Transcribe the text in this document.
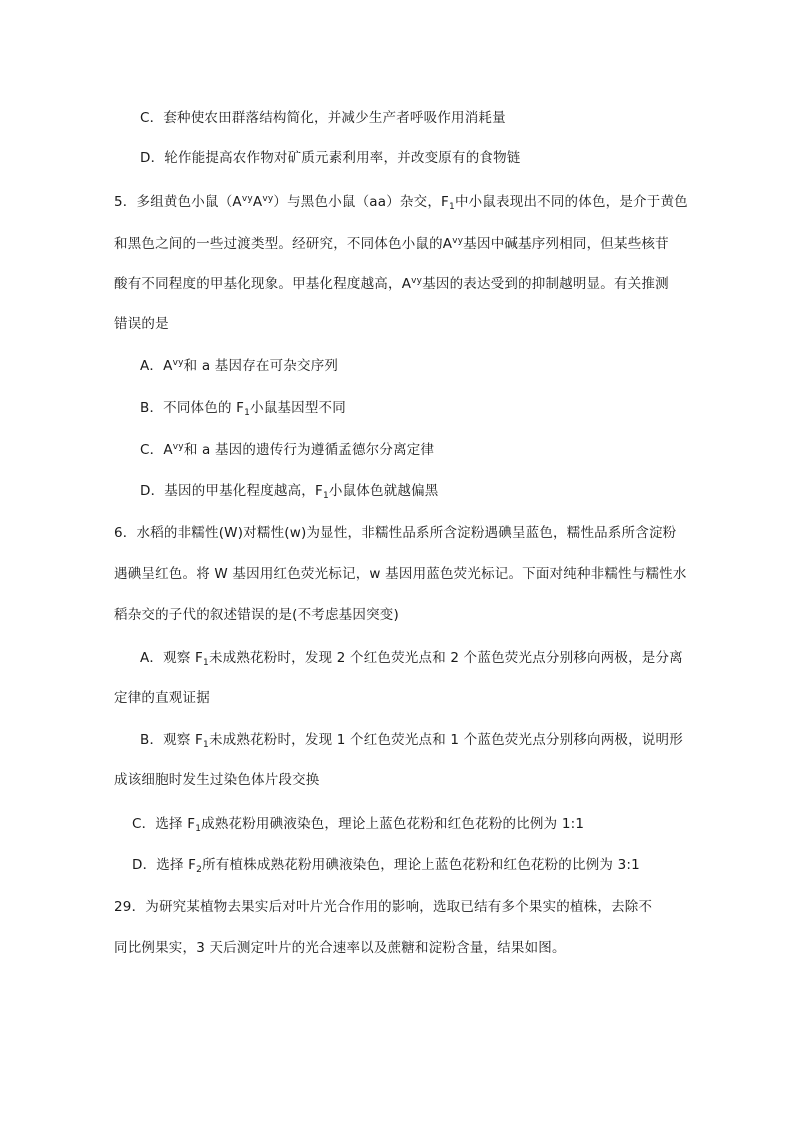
C．套种使农田群落结构简化，并减少生产者呼吸作用消耗量
D．轮作能提高农作物对矿质元素利用率，并改变原有的食物链
5．多组黄色小鼠$(A^{vy}A^{vy})$与黑色小鼠（aa）杂交，$F_1$中小鼠表现出不同的体色，是介于黄色
和黑色之间的一些过渡类型。经研究，不同体色小鼠的$A^{vy}$基因中碱基序列相同，但某些核苷
酸有不同程度的甲基化现象。甲基化程度越高，$A^{vy}$基因的表达受到的抑制越明显。有关推测
错误的是
A．$A^{vy}$和 a 基因存在可杂交序列
B．不同体色的 $F_1$小鼠基因型不同
C．$A^{vy}$和 a 基因的遗传行为遵循孟德尔分离定律
D．基因的甲基化程度越高，$F_1$小鼠体色就越偏黑
6．水稻的非糯性(W)对糯性(w)为显性，非糯性品系所含淀粉遇碘呈蓝色，糯性品系所含淀粉
遇碘呈红色。将 W 基因用红色荧光标记，w 基因用蓝色荧光标记。下面对纯种非糯性与糯性水
稻杂交的子代的叙述错误的是(不考虑基因突变)
A．观察 $F_1$未成熟花粉时，发现 2 个红色荧光点和 2 个蓝色荧光点分别移向两极，是分离
定律的直观证据
B．观察 $F_1$未成熟花粉时，发现 1 个红色荧光点和 1 个蓝色荧光点分别移向两极，说明形
成该细胞时发生过染色体片段交换
C．选择 $F_1$成熟花粉用碘液染色，理论上蓝色花粉和红色花粉的比例为 1:1
D．选择 $F_2$所有植株成熟花粉用碘液染色，理论上蓝色花粉和红色花粉的比例为 3:1
29．为研究某植物去果实后对叶片光合作用的影响，选取已结有多个果实的植株，去除不
同比例果实，3 天后测定叶片的光合速率以及蔗糖和淀粉含量，结果如图。
